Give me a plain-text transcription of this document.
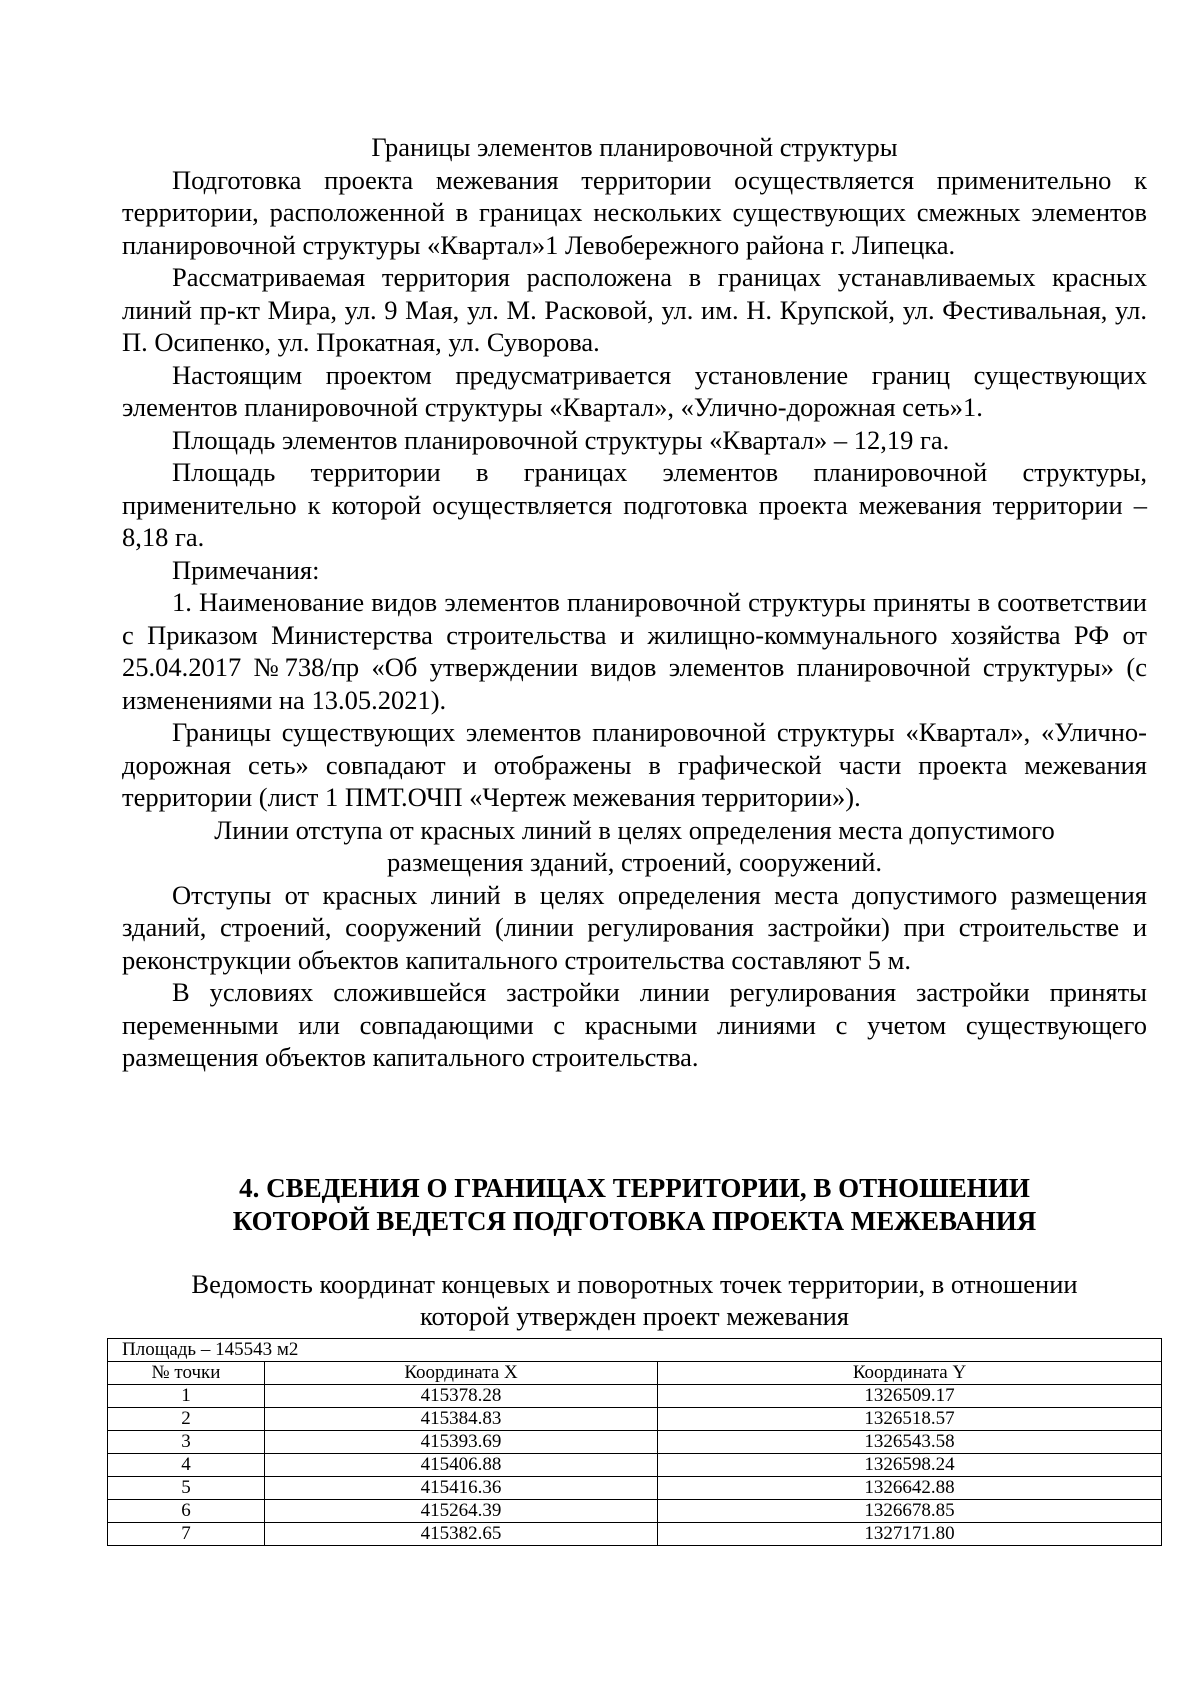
Границы элементов планировочной структуры

Подготовка проекта межевания территории осуществляется применительно к территории, расположенной в границах нескольких существующих смежных элементов планировочной структуры «Квартал»1 Левобережного района г. Липецка.

Рассматриваемая территория расположена в границах устанавливаемых красных линий пр-кт Мира, ул. 9 Мая, ул. М. Расковой, ул. им. Н. Крупской, ул. Фестивальная, ул. П. Осипенко, ул. Прокатная, ул. Суворова.

Настоящим проектом предусматривается установление границ существующих элементов планировочной структуры «Квартал», «Улично-дорожная сеть»1.

Площадь элементов планировочной структуры «Квартал» – 12,19 га.

Площадь территории в границах элементов планировочной структуры, применительно к которой осуществляется подготовка проекта межевания территории – 8,18 га.

Примечания:

1. Наименование видов элементов планировочной структуры приняты в соответствии с Приказом Министерства строительства и жилищно-коммунального хозяйства РФ от 25.04.2017 №738/пр «Об утверждении видов элементов планировочной структуры» (с изменениями на 13.05.2021).

Границы существующих элементов планировочной структуры «Квартал», «Улично-дорожная сеть» совпадают и отображены в графической части проекта межевания территории (лист 1 ПМТ.ОЧП «Чертеж межевания территории»).

Линии отступа от красных линий в целях определения места допустимого

размещения зданий, строений, сооружений.

Отступы от красных линий в целях определения места допустимого размещения зданий, строений, сооружений (линии регулирования застройки) при строительстве и реконструкции объектов капитального строительства составляют 5 м.

В условиях сложившейся застройки линии регулирования застройки приняты переменными или совпадающими с красными линиями с учетом существующего размещения объектов капитального строительства.

4. СВЕДЕНИЯ О ГРАНИЦАХ ТЕРРИТОРИИ, В ОТНОШЕНИИ
КОТОРОЙ ВЕДЕТСЯ ПОДГОТОВКА ПРОЕКТА МЕЖЕВАНИЯ
Ведомость координат концевых и поворотных точек территории, в отношении
которой утвержден проект межевания
Площадь – 145543 м2		
№ точки	Координата X	Координата Y
1	415378.28	1326509.17
2	415384.83	1326518.57
3	415393.69	1326543.58
4	415406.88	1326598.24
5	415416.36	1326642.88
6	415264.39	1326678.85
7	415382.65	1327171.80
